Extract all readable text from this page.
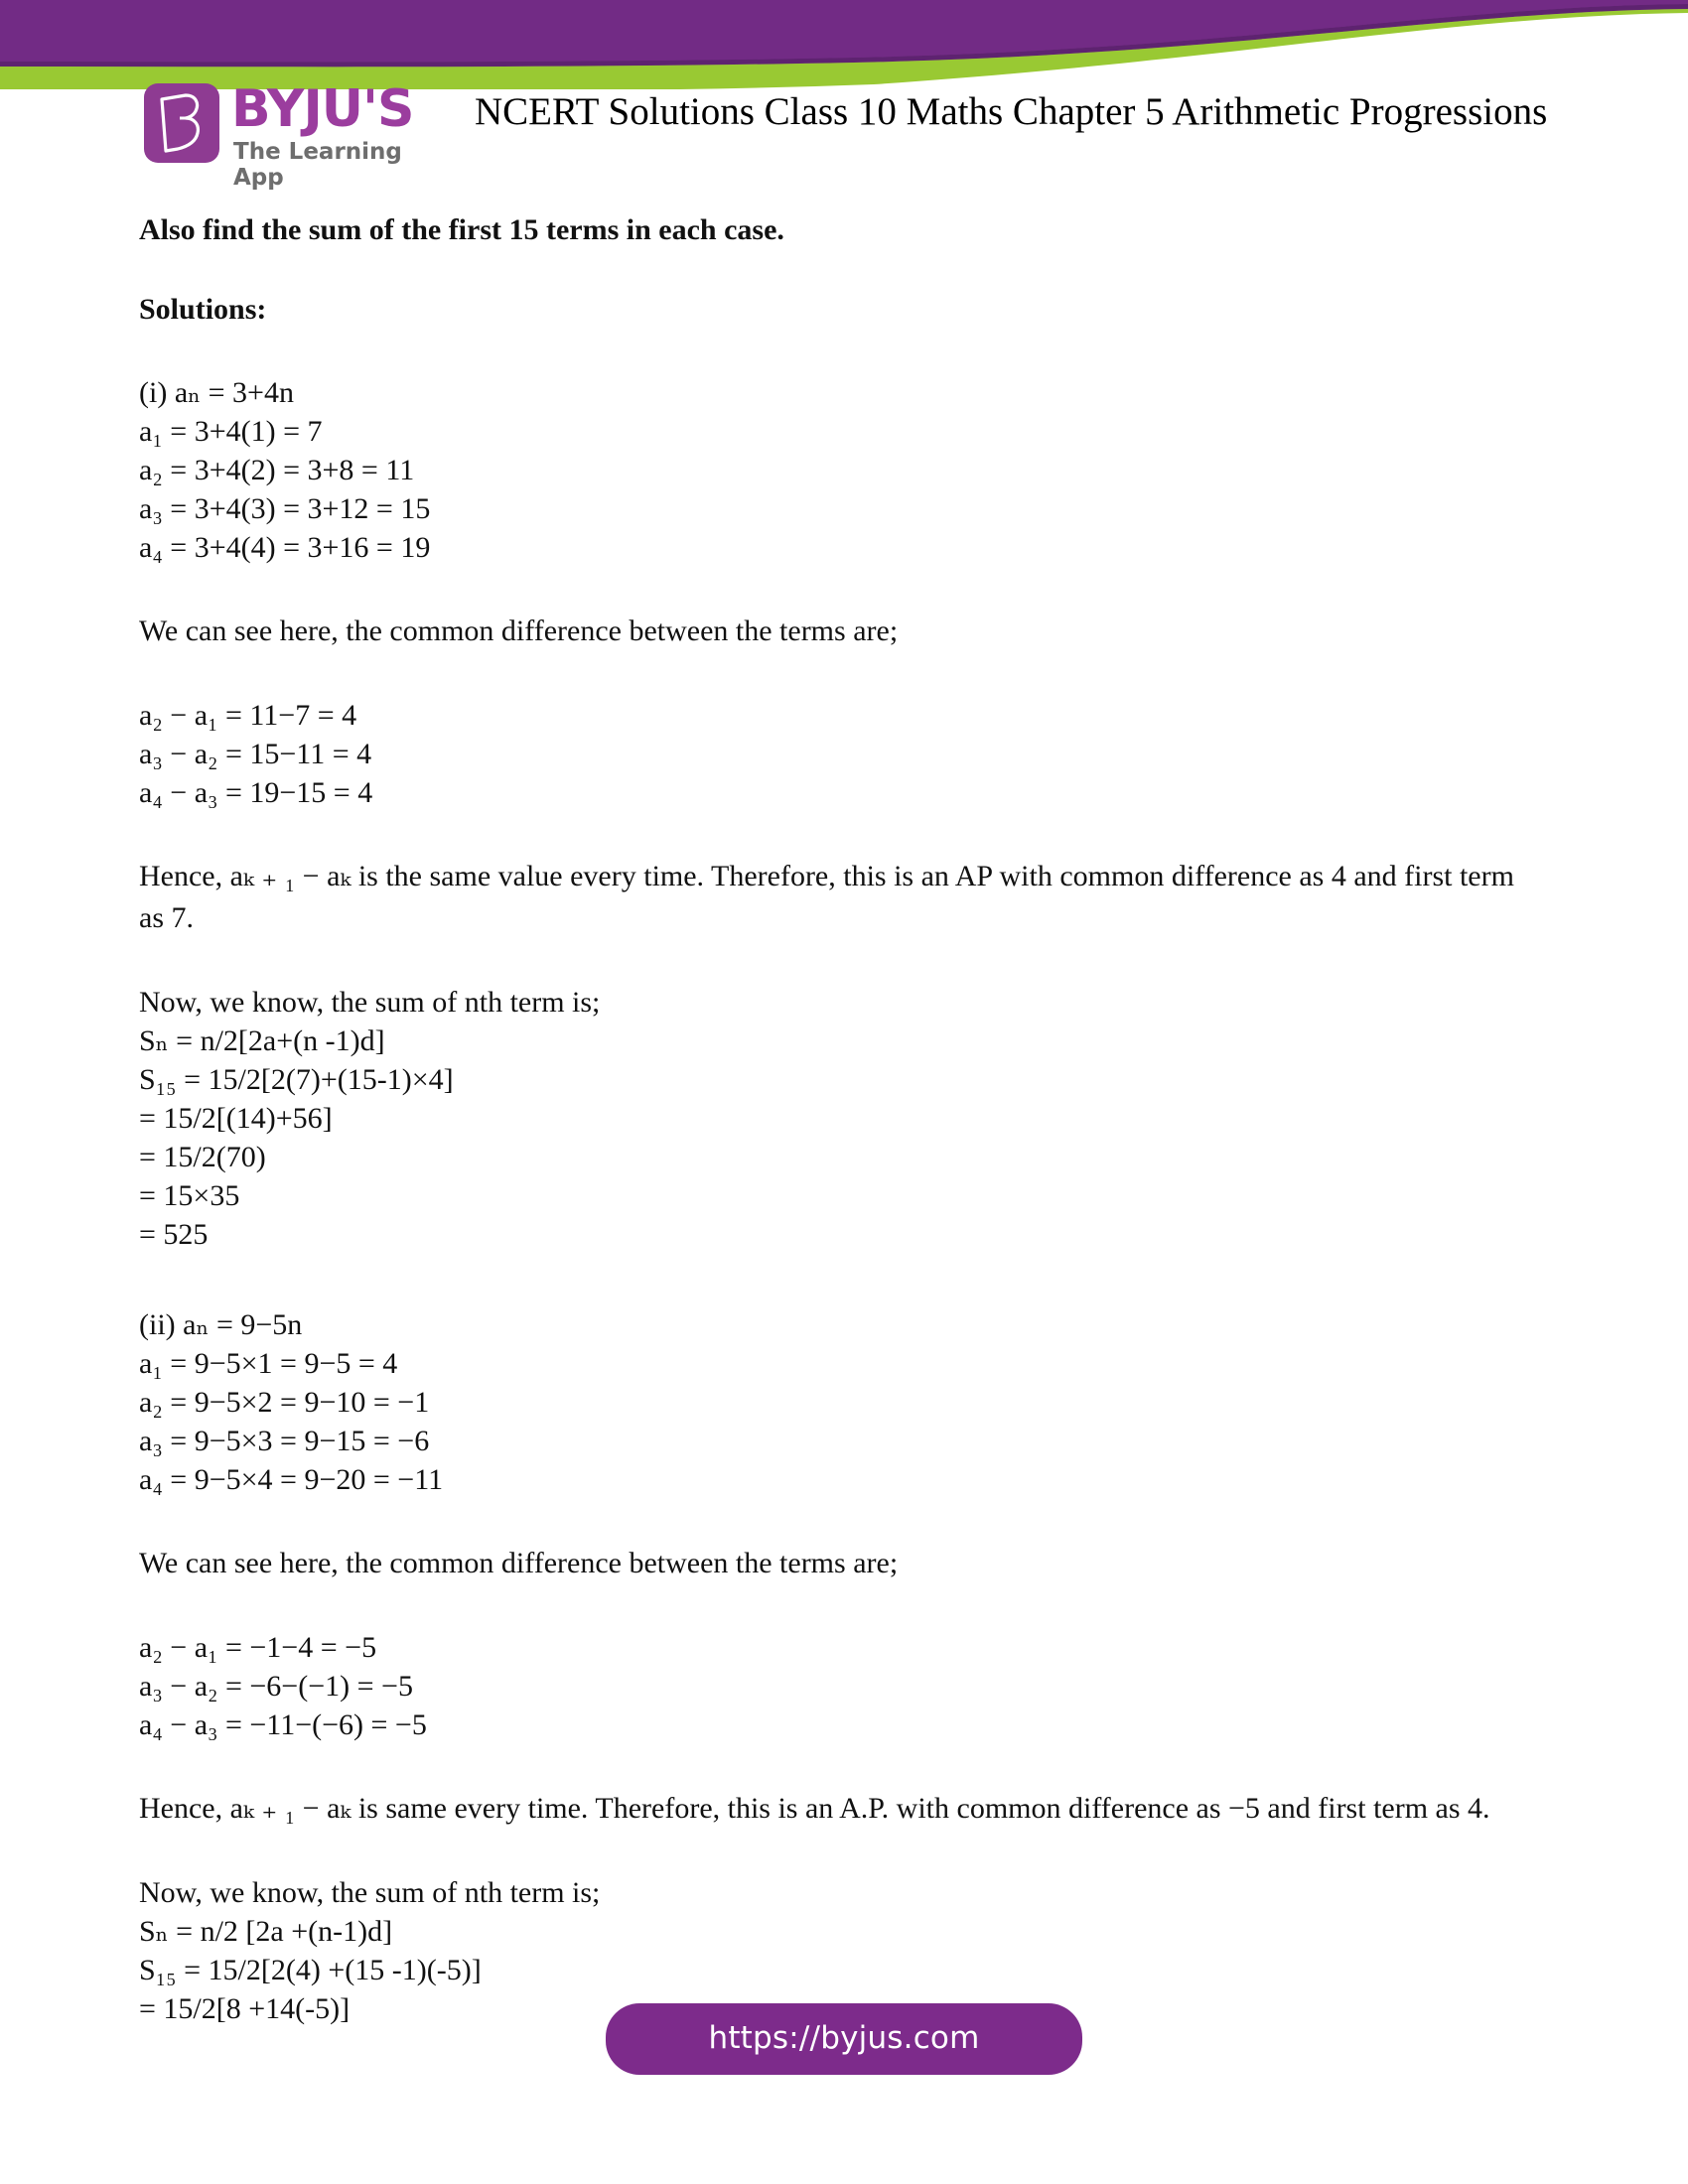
BYJU'S
The Learning App
NCERT Solutions Class 10 Maths Chapter 5 Arithmetic Progressions
Also find the sum of the first 15 terms in each case.
Solutions:
(i) aₙ = 3+4n
a₁ = 3+4(1) = 7
a₂ = 3+4(2) = 3+8 = 11
a₃ = 3+4(3) = 3+12 = 15
a₄ = 3+4(4) = 3+16 = 19
We can see here, the common difference between the terms are;
a₂ − a₁ = 11−7 = 4
a₃ − a₂ = 15−11 = 4
a₄ − a₃ = 19−15 = 4
Hence, aₖ ₊ ₁ − aₖ is the same value every time. Therefore, this is an AP with common difference as 4 and first term as 7.
Now, we know, the sum of nth term is;
Sₙ = n/2[2a+(n -1)d]
S₁₅ = 15/2[2(7)+(15-1)×4]
= 15/2[(14)+56]
= 15/2(70)
= 15×35
= 525
(ii) aₙ = 9−5n
a₁ = 9−5×1 = 9−5 = 4
a₂ = 9−5×2 = 9−10 = −1
a₃ = 9−5×3 = 9−15 = −6
a₄ = 9−5×4 = 9−20 = −11
We can see here, the common difference between the terms are;
a₂ − a₁ = −1−4 = −5
a₃ − a₂ = −6−(−1) = −5
a₄ − a₃ = −11−(−6) = −5
Hence, aₖ ₊ ₁ − aₖ is same every time. Therefore, this is an A.P. with common difference as −5 and first term as 4.
Now, we know, the sum of nth term is;
Sₙ = n/2 [2a +(n-1)d]
S₁₅ = 15/2[2(4) +(15 -1)(-5)]
= 15/2[8 +14(-5)]
https://byjus.com
